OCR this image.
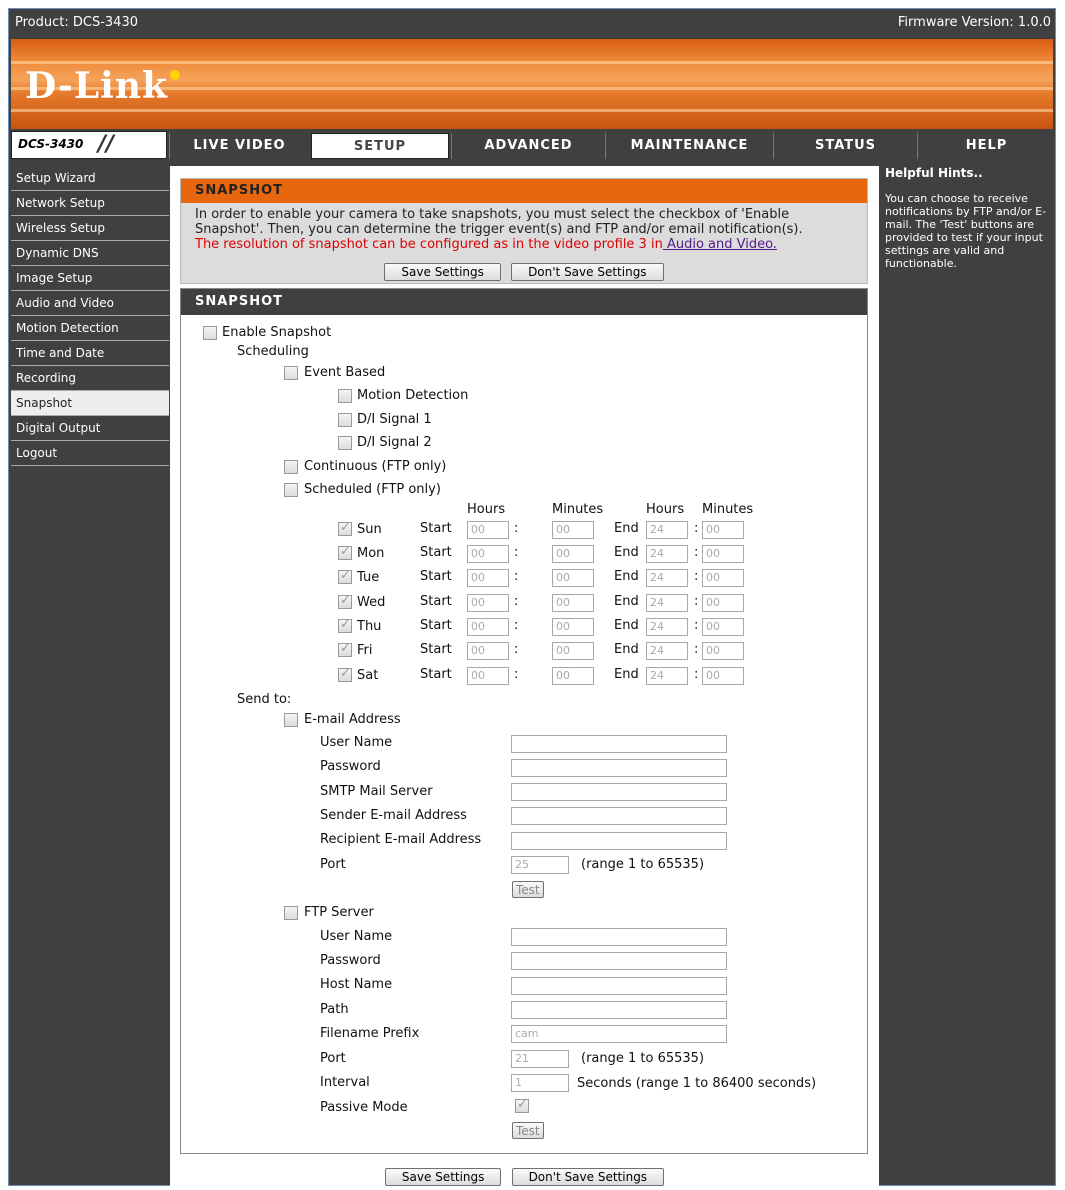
Product: DCS-3430	Firmware Version: 1.0.0
D-Link
DCS-3430 //	LIVE VIDEO	SETUP	ADVANCED	MAINTENANCE	STATUS	HELP
Setup Wizard
Network Setup
Wireless Setup
Dynamic DNS
Image Setup
Audio and Video
Motion Detection
Time and Date
Recording
Snapshot
Digital Output
Logout
Helpful Hints..
You can choose to receive notifications by FTP and/or E-mail. The 'Test' buttons are provided to test if your input settings are valid and functionable.
SNAPSHOT
In order to enable your camera to take snapshots, you must select the checkbox of 'Enable
Snapshot'. Then, you can determine the trigger event(s) and FTP and/or email notification(s).
The resolution of snapshot can be configured as in the video profile 3 in Audio and Video.
Save Settings	Don't Save Settings
SNAPSHOT
Enable Snapshot
Scheduling
Event Based
Motion Detection
D/I Signal 1
D/I Signal 2
Continuous (FTP only)
Scheduled (FTP only)
Hours	Minutes	Hours Minutes
✓
Sun	Start	00	:	00	End	24	: 00
✓
Mon	Start	00	:	00	End	24	: 00
✓
Tue	Start	00	:	00	End	24	: 00
✓
Wed	Start	00	:	00	End	24	: 00
✓
Thu	Start	00	:	00	End	24	: 00
✓
Fri	Start	00	:	00	End	24	: 00
✓
Sat	Start	00	:	00	End	24	: 00
Send to:
E-mail Address
User Name
Password
SMTP Mail Server
Sender E-mail Address
Recipient E-mail Address
Port	25	(range 1 to 65535)
Test
FTP Server
User Name
Password
Host Name
Path
Filename Prefix	cam
Port	21	(range 1 to 65535)
Interval	1	Seconds (range 1 to 86400 seconds)
Passive Mode
✓
Test
Save Settings	Don't Save Settings
